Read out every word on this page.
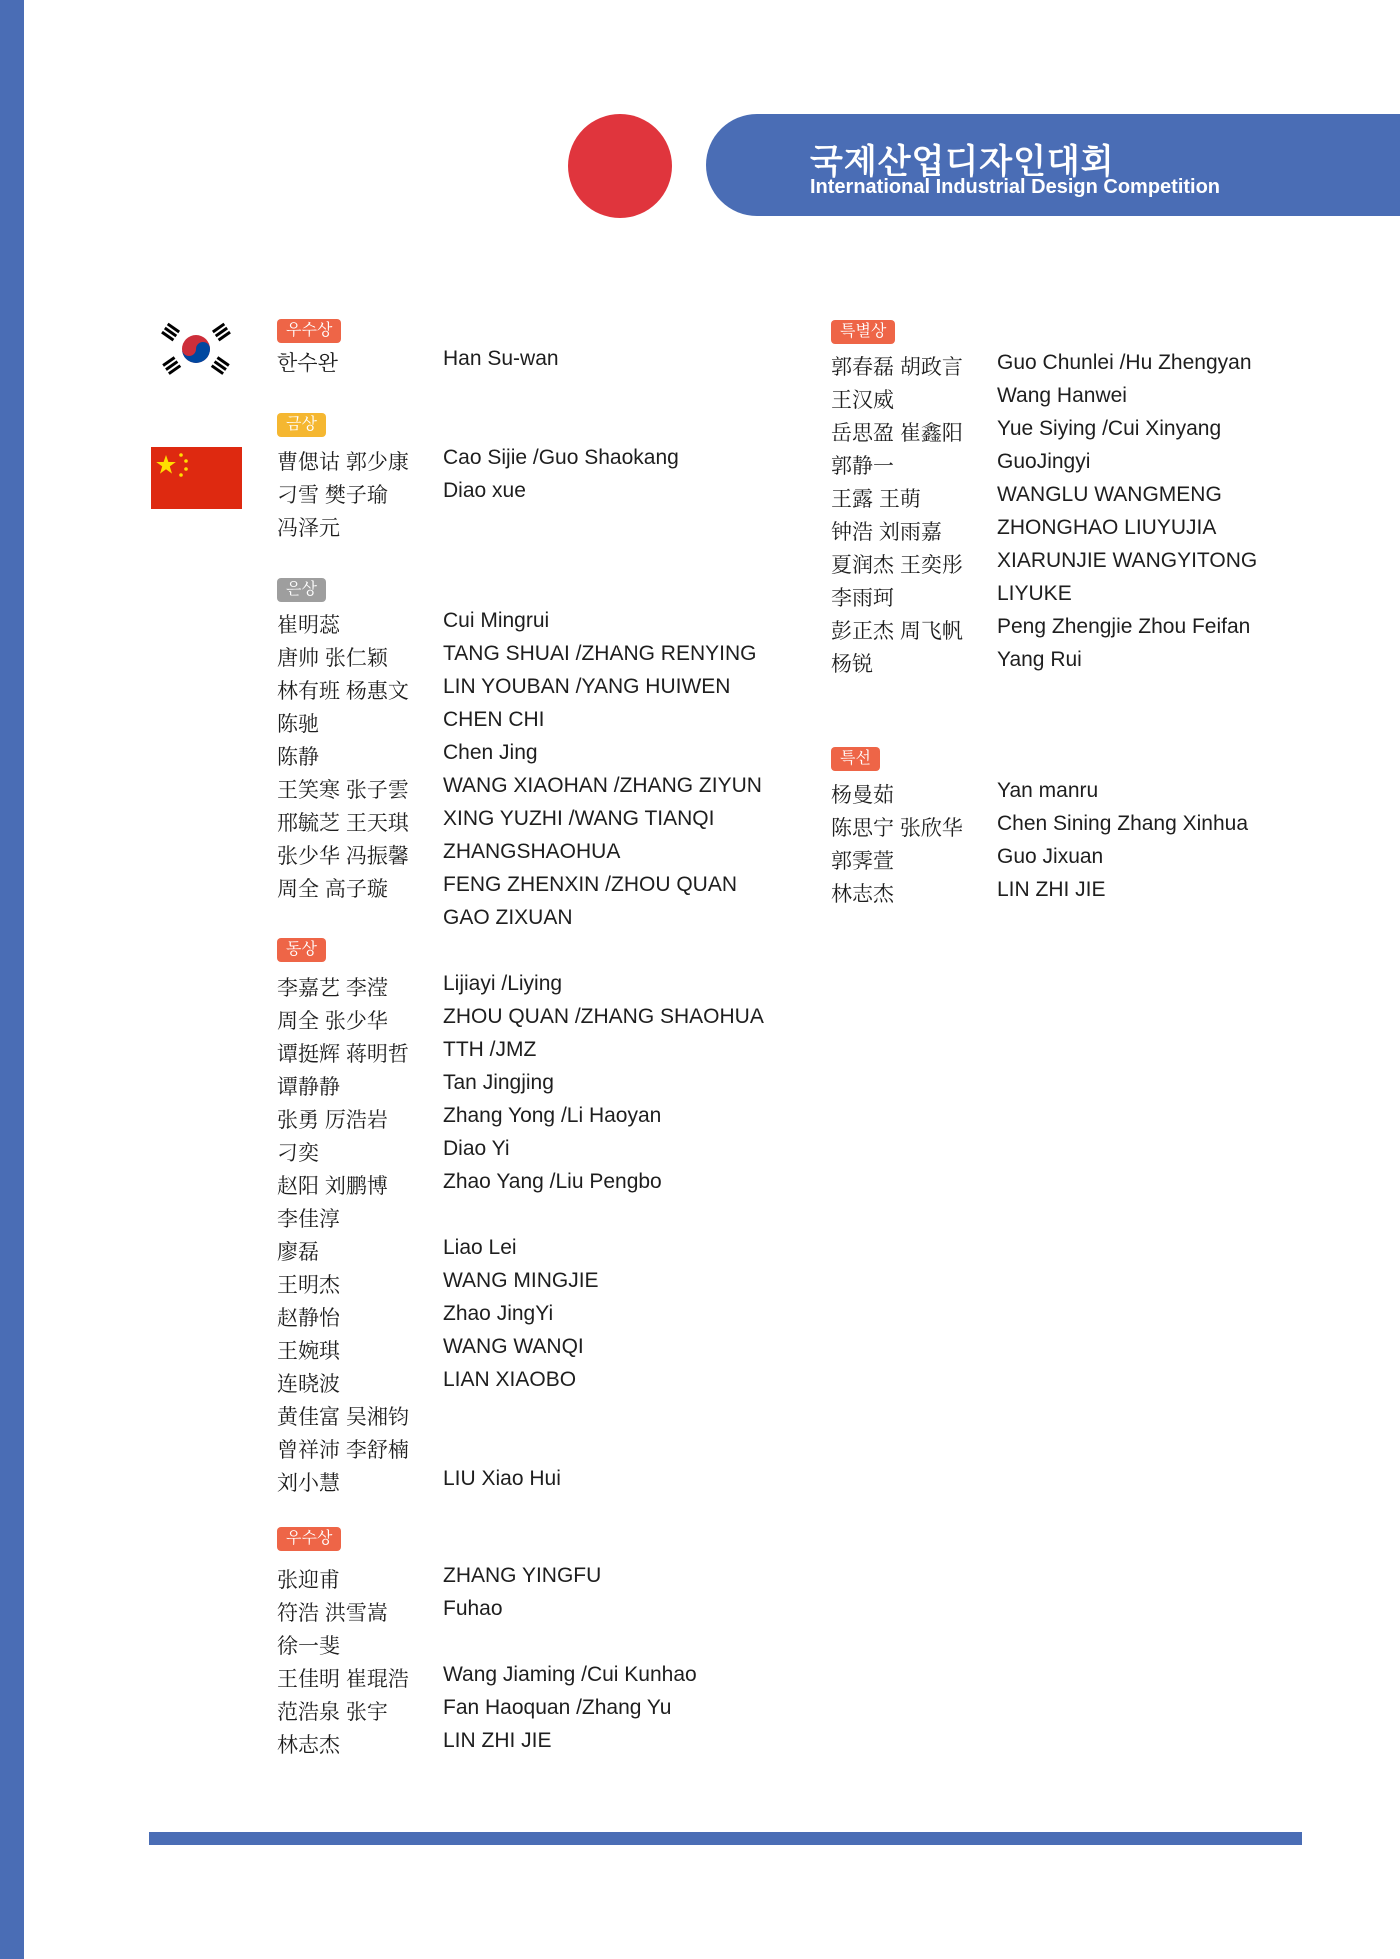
국제산업디자인대회
International Industrial Design Competition
우수상
한수완	Han Su-wan
금상
曹偲诂 郭少康 Cao Sijie /Guo Shaokang
刁雪 樊子瑜	Diao xue
冯泽元
은상
崔明蕊	Cui Mingrui
唐帅 张仁颖	TANG SHUAI /ZHANG RENYING
林有班 杨惠文 LIN YOUBAN /YANG HUIWEN
陈驰	CHEN CHI
陈静	Chen Jing
王笑寒 张子雲 WANG XIAOHAN /ZHANG ZIYUN
邢毓芝 王天琪 XING YUZHI /WANG TIANQI
张少华 冯振馨 ZHANGSHAOHUA
周全 高子璇	FENG ZHENXIN /ZHOU QUAN
GAO ZIXUAN
동상
李嘉艺 李滢	Lijiayi /Liying
周全 张少华	ZHOU QUAN /ZHANG SHAOHUA
谭挺辉 蒋明哲 TTH /JMZ
谭静静	Tan Jingjing
张勇 厉浩岩	Zhang Yong /Li Haoyan
刁奕	Diao Yi
赵阳 刘鹏博	Zhao Yang /Liu Pengbo
李佳淳
廖磊	Liao Lei
王明杰	WANG MINGJIE
赵静怡	Zhao JingYi
王婉琪	WANG WANQI
连晓波	LIAN XIAOBO
黄佳富 吴湘钧
曾祥沛 李舒楠
刘小慧	LIU Xiao Hui
우수상
张迎甫	ZHANG YINGFU
符浩 洪雪嵩	Fuhao
徐一斐
王佳明 崔琨浩 Wang Jiaming /Cui Kunhao
范浩泉 张宇	Fan Haoquan /Zhang Yu
林志杰	LIN ZHI JIE
특별상
郭春磊 胡政言 Guo Chunlei /Hu Zhengyan
王汉威	Wang Hanwei
岳思盈 崔鑫阳 Yue Siying /Cui Xinyang
郭静一	GuoJingyi
王露 王萌	WANGLU WANGMENG
钟浩 刘雨嘉	ZHONGHAO LIUYUJIA
夏润杰 王奕彤 XIARUNJIE WANGYITONG
李雨珂	LIYUKE
彭正杰 周飞帆 Peng Zhengjie Zhou Feifan
杨锐	Yang Rui
특선
杨曼茹	Yan manru
陈思宁 张欣华 Chen Sining Zhang Xinhua
郭霁萱	Guo Jixuan
林志杰	LIN ZHI JIE
